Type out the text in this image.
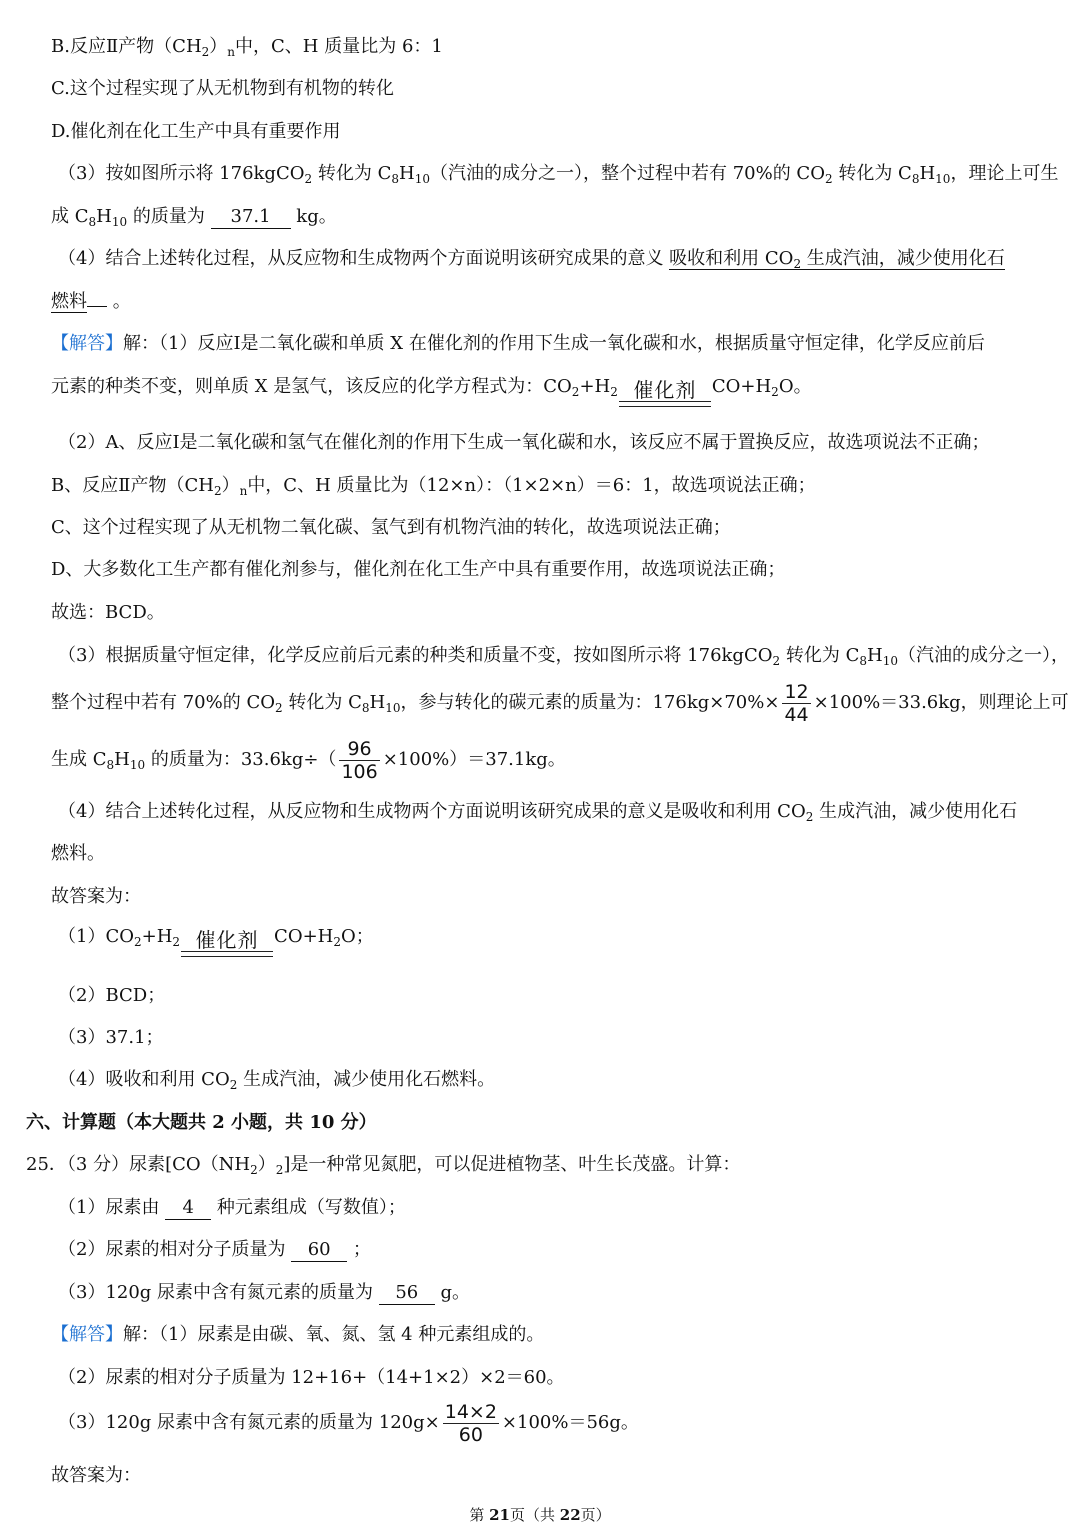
B.反应Ⅱ产物$(CH_2)_n$中，C、H 质量比为 6：1
C.这个过程实现了从无机物到有机物的转化
D.催化剂在化工生产中具有重要作用
（3）按如图所示将 176kgCO$_2$ 转化为 $C_8H_{10}$（汽油的成分之一），整个过程中若有 70%的 $CO_2$ 转化为 $C_8H_{10}$，理论上可生
成 $C_8H_{10}$ 的质量为 37.1 kg。
（4）结合上述转化过程，从反应物和生成物两个方面说明该研究成果的意义 吸收和利用 $CO_2$ 生成汽油，减少使用化石
燃料 。
【解答】解：（1）反应Ⅰ是二氧化碳和单质 X 在催化剂的作用下生成一氧化碳和水，根据质量守恒定律，化学反应前后
元素的种类不变，则单质 X 是氢气，该反应的化学方程式为：$CO_2+H_2$ 催化剂 $CO+H_2O$。
（2）A、反应Ⅰ是二氧化碳和氢气在催化剂的作用下生成一氧化碳和水，该反应不属于置换反应，故选项说法不正确；
B、反应Ⅱ产物$(CH_2)_n$中，C、H 质量比为（12×n）：（1×2×n）＝6：1，故选项说法正确；
C、这个过程实现了从无机物二氧化碳、氢气到有机物汽油的转化，故选项说法正确；
D、大多数化工生产都有催化剂参与，催化剂在化工生产中具有重要作用，故选项说法正确；
故选：BCD。
（3）根据质量守恒定律，化学反应前后元素的种类和质量不变，按如图所示将 176kgCO$_2$ 转化为 $C_8H_{10}$（汽油的成分之一），
整个过程中若有 70%的 $CO_2$ 转化为 $C_8H_{10}$，参与转化的碳元素的质量为：$176kg\times 70\%\times \frac{12}{44} \times 100\%=33.6kg$，则理论上可
生成 $C_8H_{10}$ 的质量为：$33.6kg\div( \frac{96}{106} \times 100\%)=37.1kg$。
（4）结合上述转化过程，从反应物和生成物两个方面说明该研究成果的意义是吸收和利用 $CO_2$ 生成汽油，减少使用化石
燃料。
故答案为：
$(1)CO_2+H_2$ 催化剂 $CO+H_2O$；
（2）BCD；
（3）37.1；
（4）吸收和利用 $CO_2$ 生成汽油，减少使用化石燃料。
六、计算题（本大题共 2 小题，共 10 分）
25．（3 分）尿素$[CO(NH_2)_2]$是一种常见氮肥，可以促进植物茎、叶生长茂盛。计算：
（1）尿素由 4 种元素组成（写数值）；
（2）尿素的相对分子质量为 60 ；
（3）120g 尿素中含有氮元素的质量为 56 g。
【解答】解：（1）尿素是由碳、氧、氮、氢 4 种元素组成的。
（2）尿素的相对分子质量为 12+16+（14+1×2）×2＝60。
（3）120g 尿素中含有氮元素的质量为 $120g\times \frac{14\times 2}{60} \times 100\%=56g$。
故答案为：
第 21页（共 22页）
